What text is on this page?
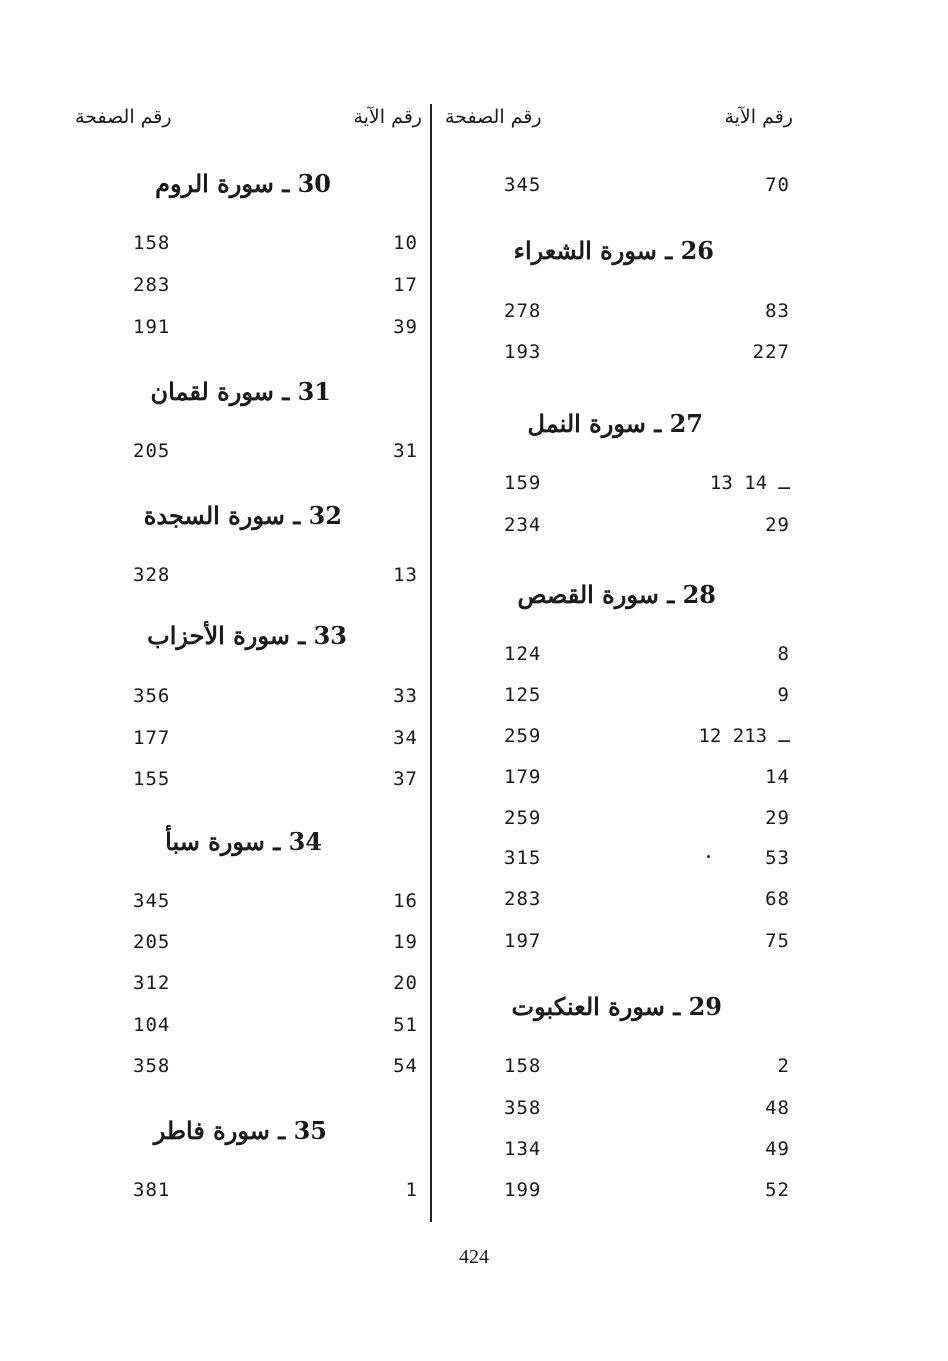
رقم الآية
رقم الصفحة
رقم الآية
رقم الصفحة
70
345
26 ـ سورة الشعراء
83
278
227
193
27 ـ سورة النمل
13 ـ 14
159
29
234
28 ـ سورة القصص
8
124
9
125
12 ـ 213
259
14
179
29
259
53
315
68
283
75
197
29 ـ سورة العنكبوت
2
158
48
358
49
134
52
199
30 ـ سورة الروم
10
158
17
283
39
191
31 ـ سورة لقمان
31
205
32 ـ سورة السجدة
13
328
33 ـ سورة الأحزاب
33
356
34
177
37
155
34 ـ سورة سبأ
16
345
19
205
20
312
51
104
54
358
35 ـ سورة فاطر
1
381
424
